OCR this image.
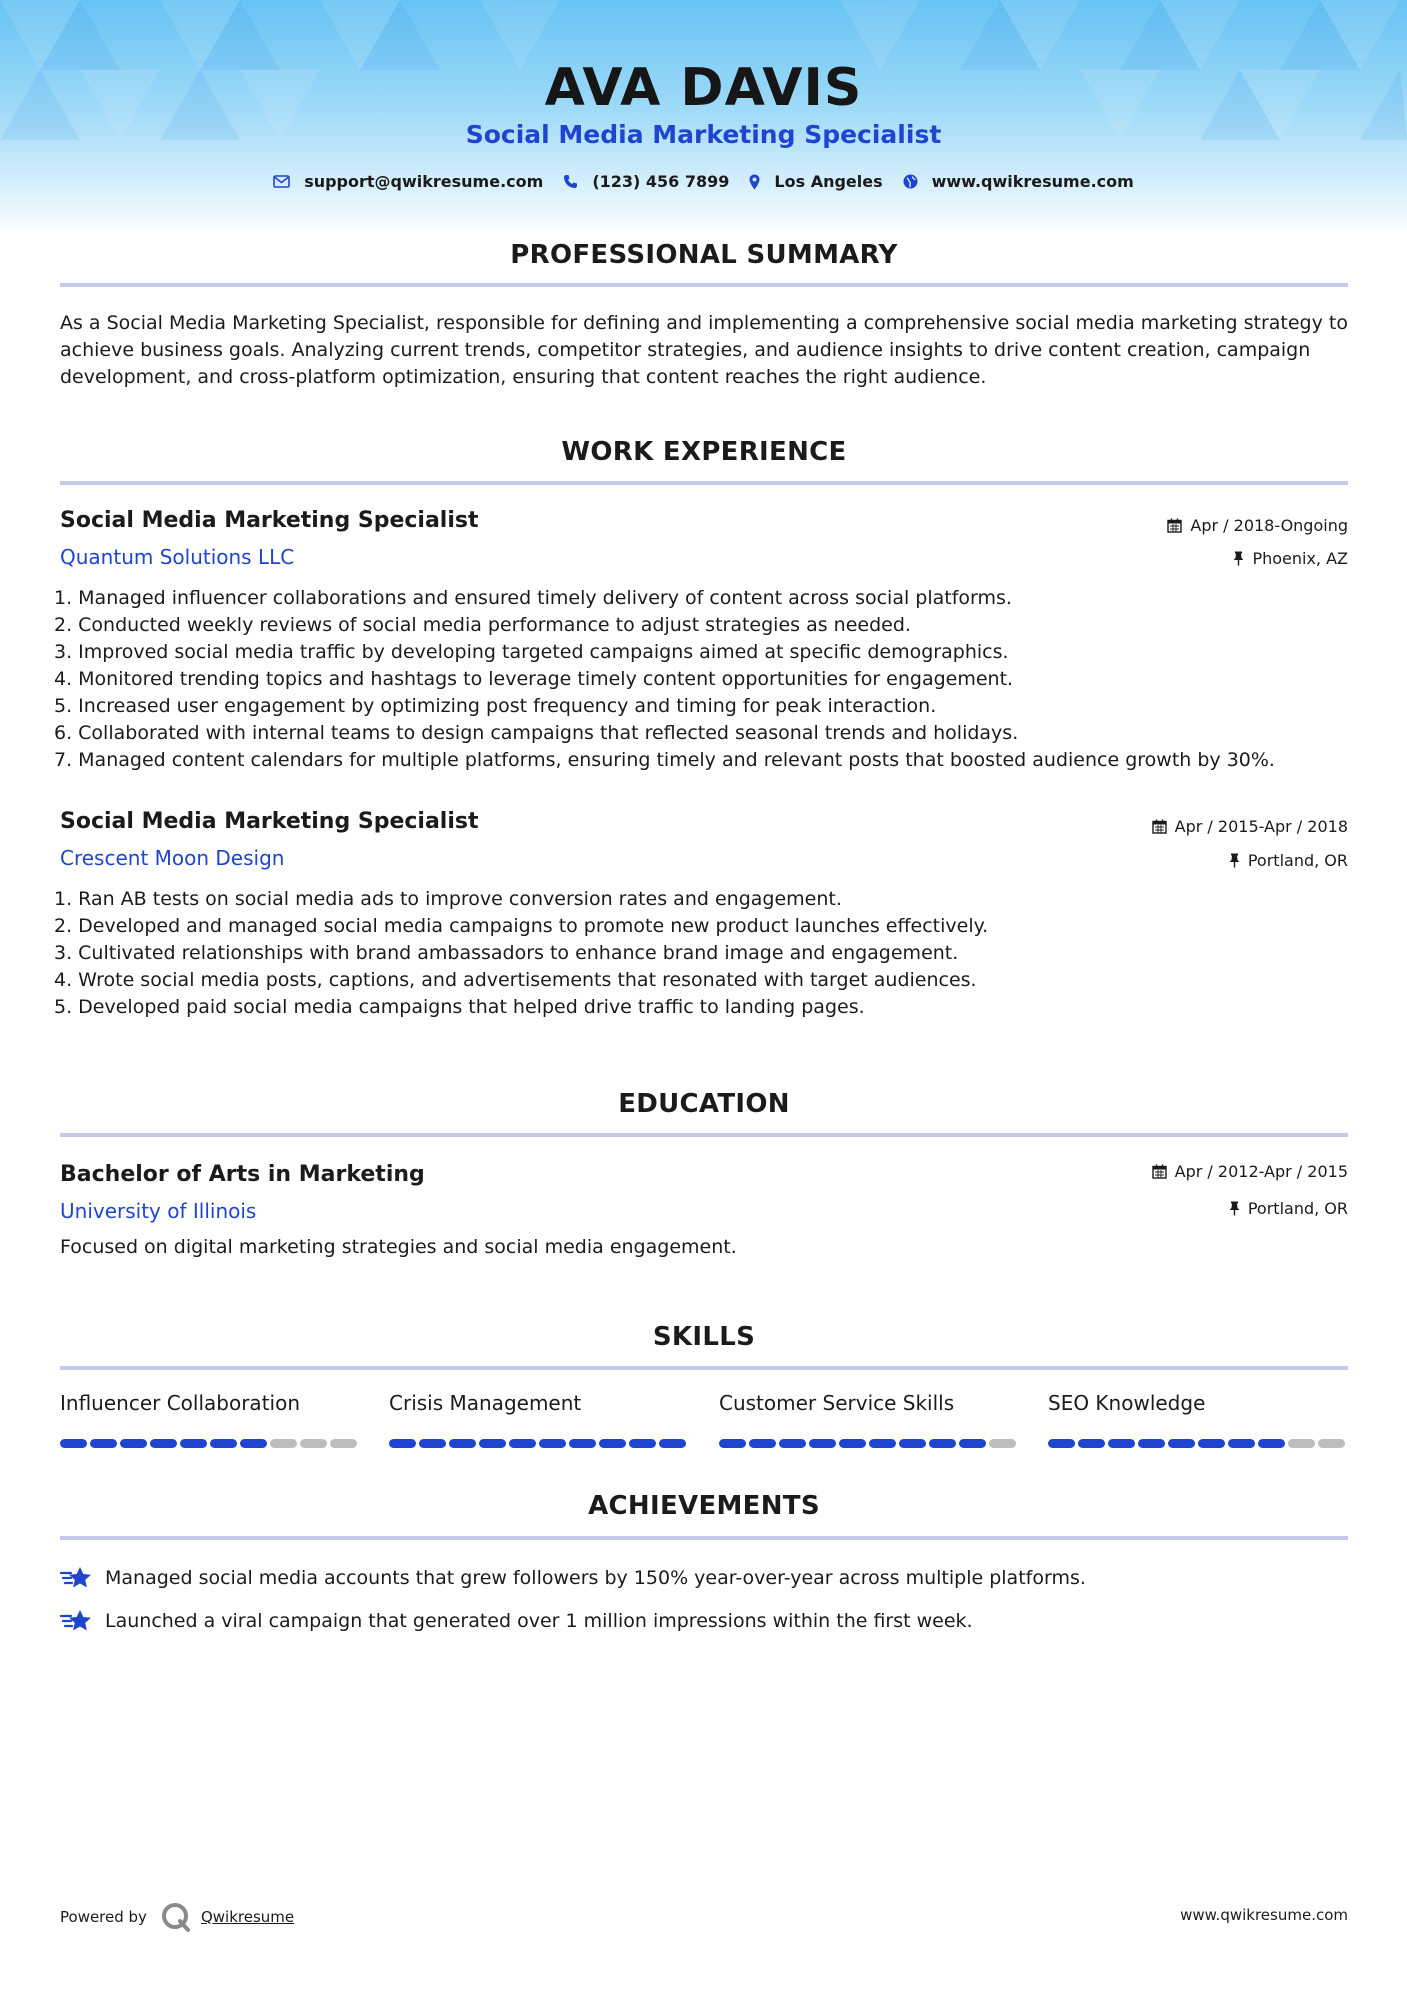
AVA DAVIS
Social Media Marketing Specialist
support@qwikresume.com	(123) 456 7899	Los Angeles	www.qwikresume.com
PROFESSIONAL SUMMARY
As a Social Media Marketing Specialist, responsible for defining and implementing a comprehensive social media marketing strategy to achieve business goals. Analyzing current trends, competitor strategies, and audience insights to drive content creation, campaign development, and cross-platform optimization, ensuring that content reaches the right audience.
WORK EXPERIENCE
Social Media Marketing Specialist
Quantum Solutions LLC
Apr / 2018-Ongoing
Phoenix, AZ
1. Managed influencer collaborations and ensured timely delivery of content across social platforms.
2. Conducted weekly reviews of social media performance to adjust strategies as needed.
3. Improved social media traffic by developing targeted campaigns aimed at specific demographics.
4. Monitored trending topics and hashtags to leverage timely content opportunities for engagement.
5. Increased user engagement by optimizing post frequency and timing for peak interaction.
6. Collaborated with internal teams to design campaigns that reflected seasonal trends and holidays.
7. Managed content calendars for multiple platforms, ensuring timely and relevant posts that boosted audience growth by 30%.
Social Media Marketing Specialist
Crescent Moon Design
Apr / 2015-Apr / 2018
Portland, OR
1. Ran AB tests on social media ads to improve conversion rates and engagement.
2. Developed and managed social media campaigns to promote new product launches effectively.
3. Cultivated relationships with brand ambassadors to enhance brand image and engagement.
4. Wrote social media posts, captions, and advertisements that resonated with target audiences.
5. Developed paid social media campaigns that helped drive traffic to landing pages.
EDUCATION
Bachelor of Arts in Marketing
University of Illinois
Apr / 2012-Apr / 2015
Portland, OR
Focused on digital marketing strategies and social media engagement.
SKILLS
Influencer Collaboration	Crisis Management	Customer Service Skills	SEO Knowledge
ACHIEVEMENTS
Managed social media accounts that grew followers by 150% year-over-year across multiple platforms.
Launched a viral campaign that generated over 1 million impressions within the first week.
Powered by	Qwikresume	www.qwikresume.com
